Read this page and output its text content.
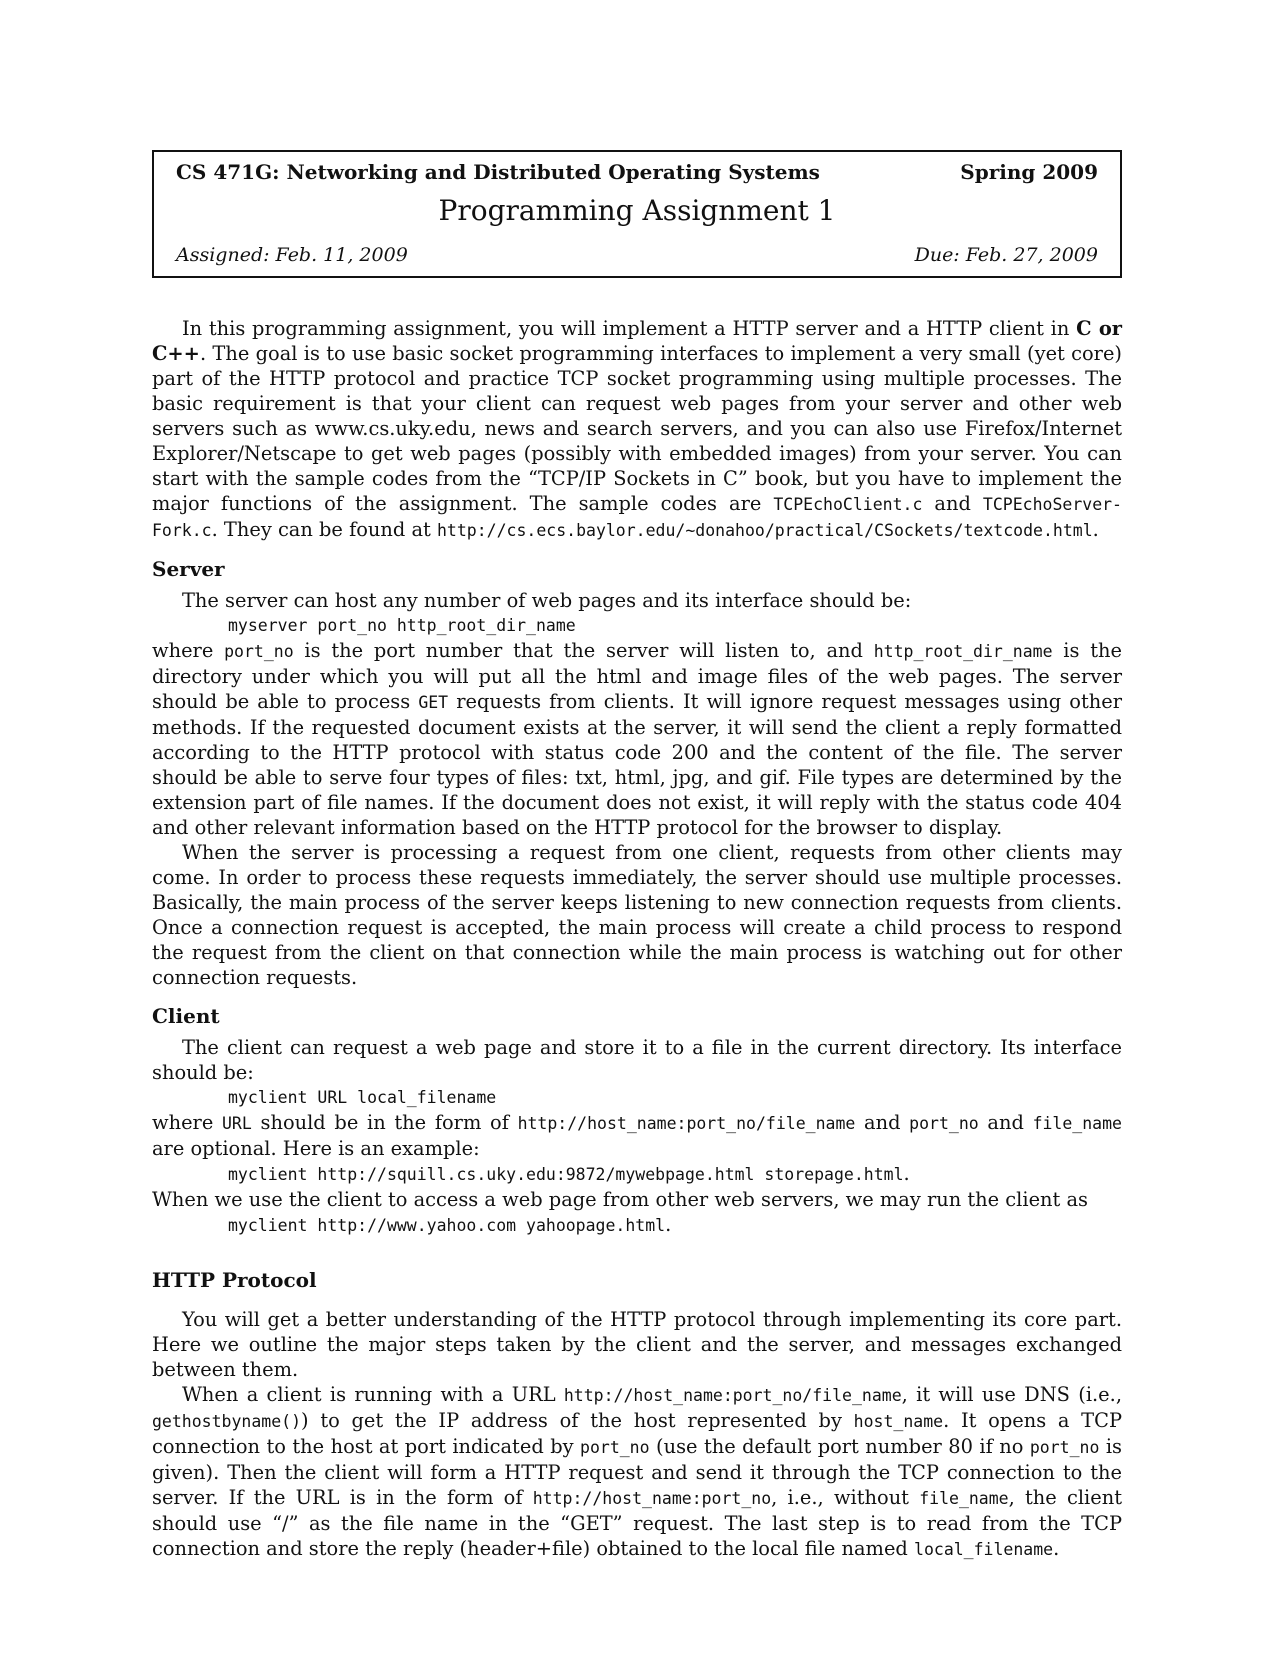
CS 471G: Networking and Distributed Operating Systems	Spring 2009
Programming Assignment 1
Assigned: Feb. 11, 2009	Due: Feb. 27, 2009

In this programming assignment, you will implement a HTTP server and a HTTP client in C or C++. The goal is to use basic socket programming interfaces to implement a very small (yet core) part of the HTTP protocol and practice TCP socket programming using multiple processes. The basic requirement is that your client can request web pages from your server and other web servers such as www.cs.uky.edu, news and search servers, and you can also use Firefox/Internet Explorer/Netscape to get web pages (possibly with embedded images) from your server. You can start with the sample codes from the “TCP/IP Sockets in C” book, but you have to implement the major functions of the assignment. The sample codes are TCPEchoClient.c and TCPEchoServer-Fork.c. They can be found at http://cs.ecs.baylor.edu/~donahoo/practical/CSockets/textcode.html.

Server

The server can host any number of web pages and its interface should be:

myserver port_no http_root_dir_name

where port_no is the port number that the server will listen to, and http_root_dir_name is the directory under which you will put all the html and image files of the web pages. The server should be able to process GET requests from clients. It will ignore request messages using other methods. If the requested document exists at the server, it will send the client a reply formatted according to the HTTP protocol with status code 200 and the content of the file. The server should be able to serve four types of files: txt, html, jpg, and gif. File types are determined by the extension part of file names. If the document does not exist, it will reply with the status code 404 and other relevant information based on the HTTP protocol for the browser to display.

When the server is processing a request from one client, requests from other clients may come. In order to process these requests immediately, the server should use multiple processes. Basically, the main process of the server keeps listening to new connection requests from clients. Once a connection request is accepted, the main process will create a child process to respond the request from the client on that connection while the main process is watching out for other connection requests.

Client

The client can request a web page and store it to a file in the current directory. Its interface should be:

myclient URL local_filename

where URL should be in the form of http://host_name:port_no/file_name and port_no and file_name are optional. Here is an example:

myclient http://squill.cs.uky.edu:9872/mywebpage.html storepage.html.

When we use the client to access a web page from other web servers, we may run the client as

myclient http://www.yahoo.com yahoopage.html.
HTTP Protocol

You will get a better understanding of the HTTP protocol through implementing its core part. Here we outline the major steps taken by the client and the server, and messages exchanged between them.

When a client is running with a URL http://host_name:port_no/file_name, it will use DNS (i.e., gethostbyname()) to get the IP address of the host represented by host_name. It opens a TCP connection to the host at port indicated by port_no (use the default port number 80 if no port_no is given). Then the client will form a HTTP request and send it through the TCP connection to the server. If the URL is in the form of http://host_name:port_no, i.e., without file_name, the client should use “/” as the file name in the “GET” request. The last step is to read from the TCP connection and store the reply (header+file) obtained to the local file named local_filename.
